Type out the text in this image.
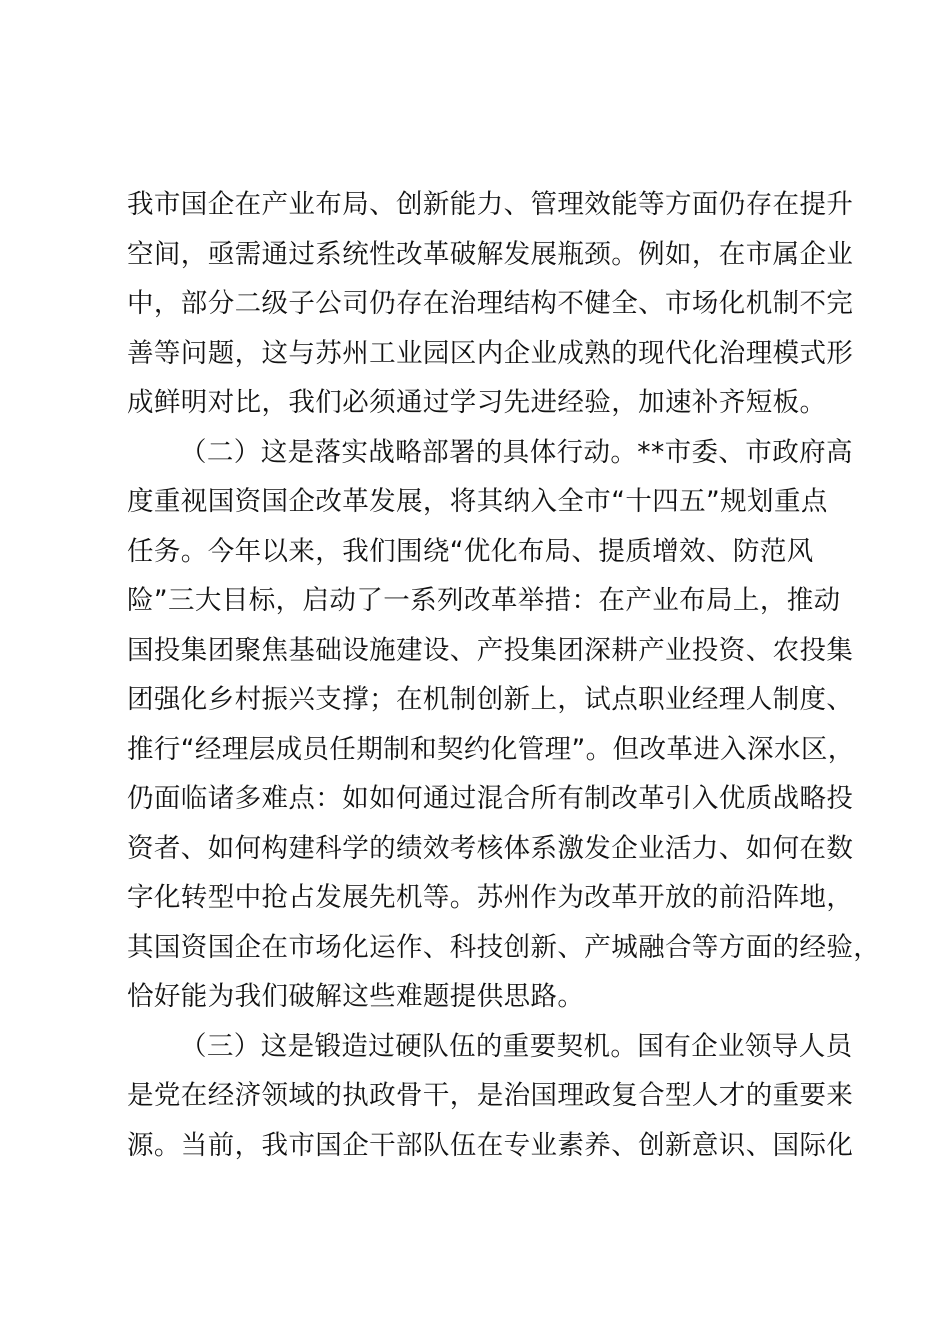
我市国企在产业布局、创新能力、管理效能等方面仍存在提升
空间，亟需通过系统性改革破解发展瓶颈。例如，在市属企业
中，部分二级子公司仍存在治理结构不健全、市场化机制不完
善等问题，这与苏州工业园区内企业成熟的现代化治理模式形
成鲜明对比，我们必须通过学习先进经验，加速补齐短板。
（二）这是落实战略部署的具体行动。**市委、市政府高
度重视国资国企改革发展，将其纳入全市“十四五”规划重点
任务。今年以来，我们围绕“优化布局、提质增效、防范风
险”三大目标，启动了一系列改革举措：在产业布局上，推动
国投集团聚焦基础设施建设、产投集团深耕产业投资、农投集
团强化乡村振兴支撑；在机制创新上，试点职业经理人制度、
推行“经理层成员任期制和契约化管理”。但改革进入深水区，
仍面临诸多难点：如如何通过混合所有制改革引入优质战略投
资者、如何构建科学的绩效考核体系激发企业活力、如何在数
字化转型中抢占发展先机等。苏州作为改革开放的前沿阵地，
其国资国企在市场化运作、科技创新、产城融合等方面的经验，
恰好能为我们破解这些难题提供思路。
（三）这是锻造过硬队伍的重要契机。国有企业领导人员
是党在经济领域的执政骨干，是治国理政复合型人才的重要来
源。当前，我市国企干部队伍在专业素养、创新意识、国际化
